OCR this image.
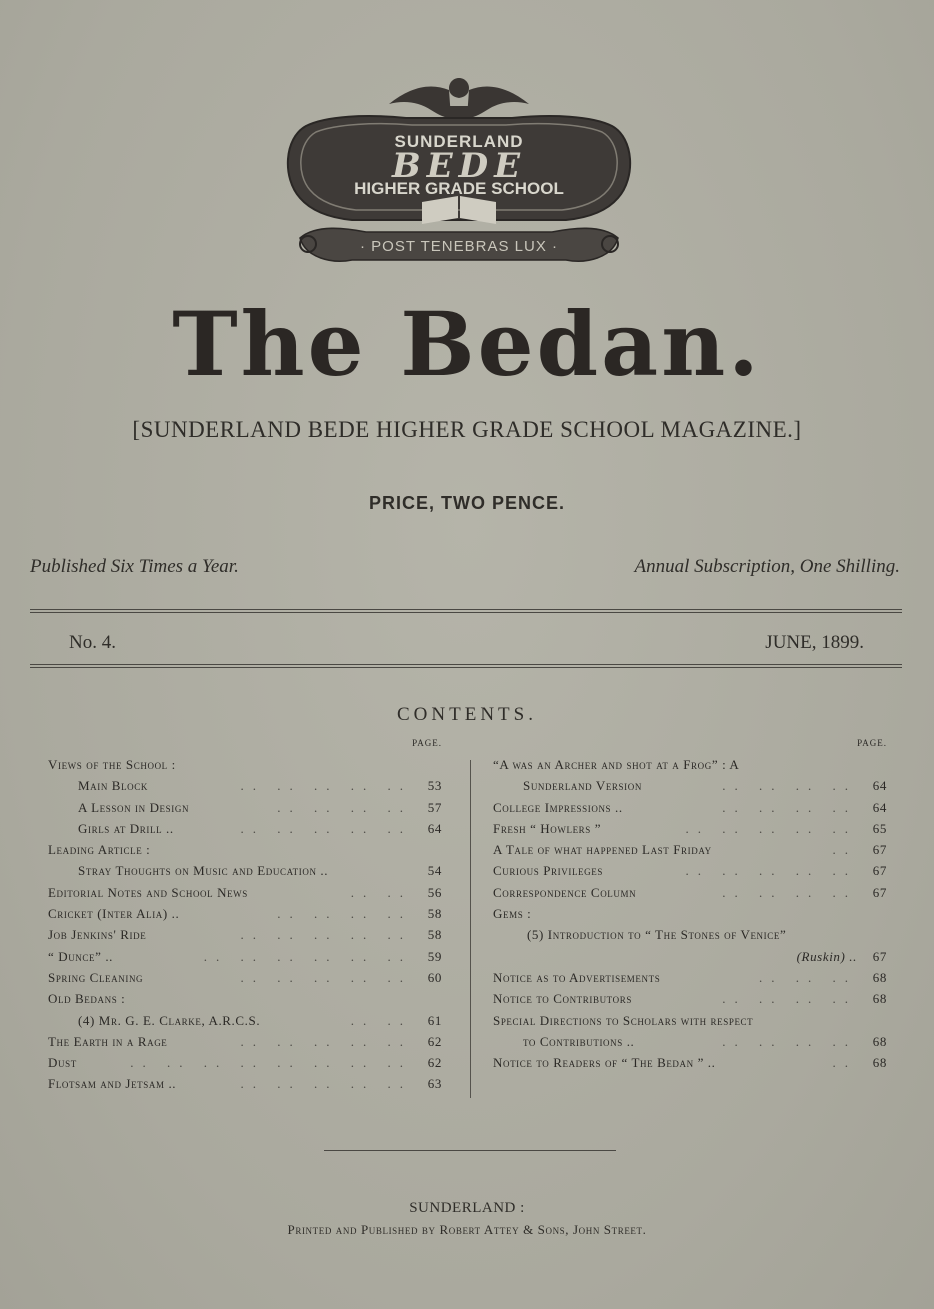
SUNDERLAND
BEDE
HIGHER GRADE SCHOOL
· POST TENEBRAS LUX ·
The Bedan.
[SUNDERLAND BEDE HIGHER GRADE SCHOOL MAGAZINE.]
PRICE, TWO PENCE.
Published Six Times a Year.	Annual Subscription, One Shilling.
No. 4.	JUNE, 1899.
CONTENTS.
PAGE.
Views of the School :
Main Block	.. .. .. .. .. 53
A Lesson in Design	.. .. .. .. 57
Girls at Drill ..	.. .. .. .. .. 64
Leading Article :
Stray Thoughts on Music and Education ..	54
Editorial Notes and School News	.. .. 56
Cricket (Inter Alia) ..	.. .. .. .. 58
Job Jenkins' Ride	.. .. .. .. .. 58
“ Dunce” ..	.. .. .. .. .. .. 59
Spring Cleaning	.. .. .. .. .. 60
Old Bedans :
(4) Mr. G. E. Clarke, A.R.C.S.	.. .. 61
The Earth in a Rage	.. .. .. .. .. 62
Dust	.. .. .. .. .. .. .. .. 62
Flotsam and Jetsam ..	.. .. .. .. .. 63
PAGE.
“A was an Archer and shot at a Frog” : A
Sunderland Version	.. .. .. .. 64
College Impressions ..	.. .. .. .. 64
Fresh “ Howlers ”	.. .. .. .. .. 65
A Tale of what happened Last Friday	.. 67
Curious Privileges	.. .. .. .. .. 67
Correspondence Column	.. .. .. .. 67
Gems :
(5) Introduction to “ The Stones of Venice”
(Ruskin) .. 67
Notice as to Advertisements	.. .. .. 68
Notice to Contributors	.. .. .. .. 68
Special Directions to Scholars with respect
to Contributions ..	.. .. .. .. 68
Notice to Readers of “ The Bedan ” ..	.. 68
SUNDERLAND :
Printed and Published by Robert Attey & Sons, John Street.
